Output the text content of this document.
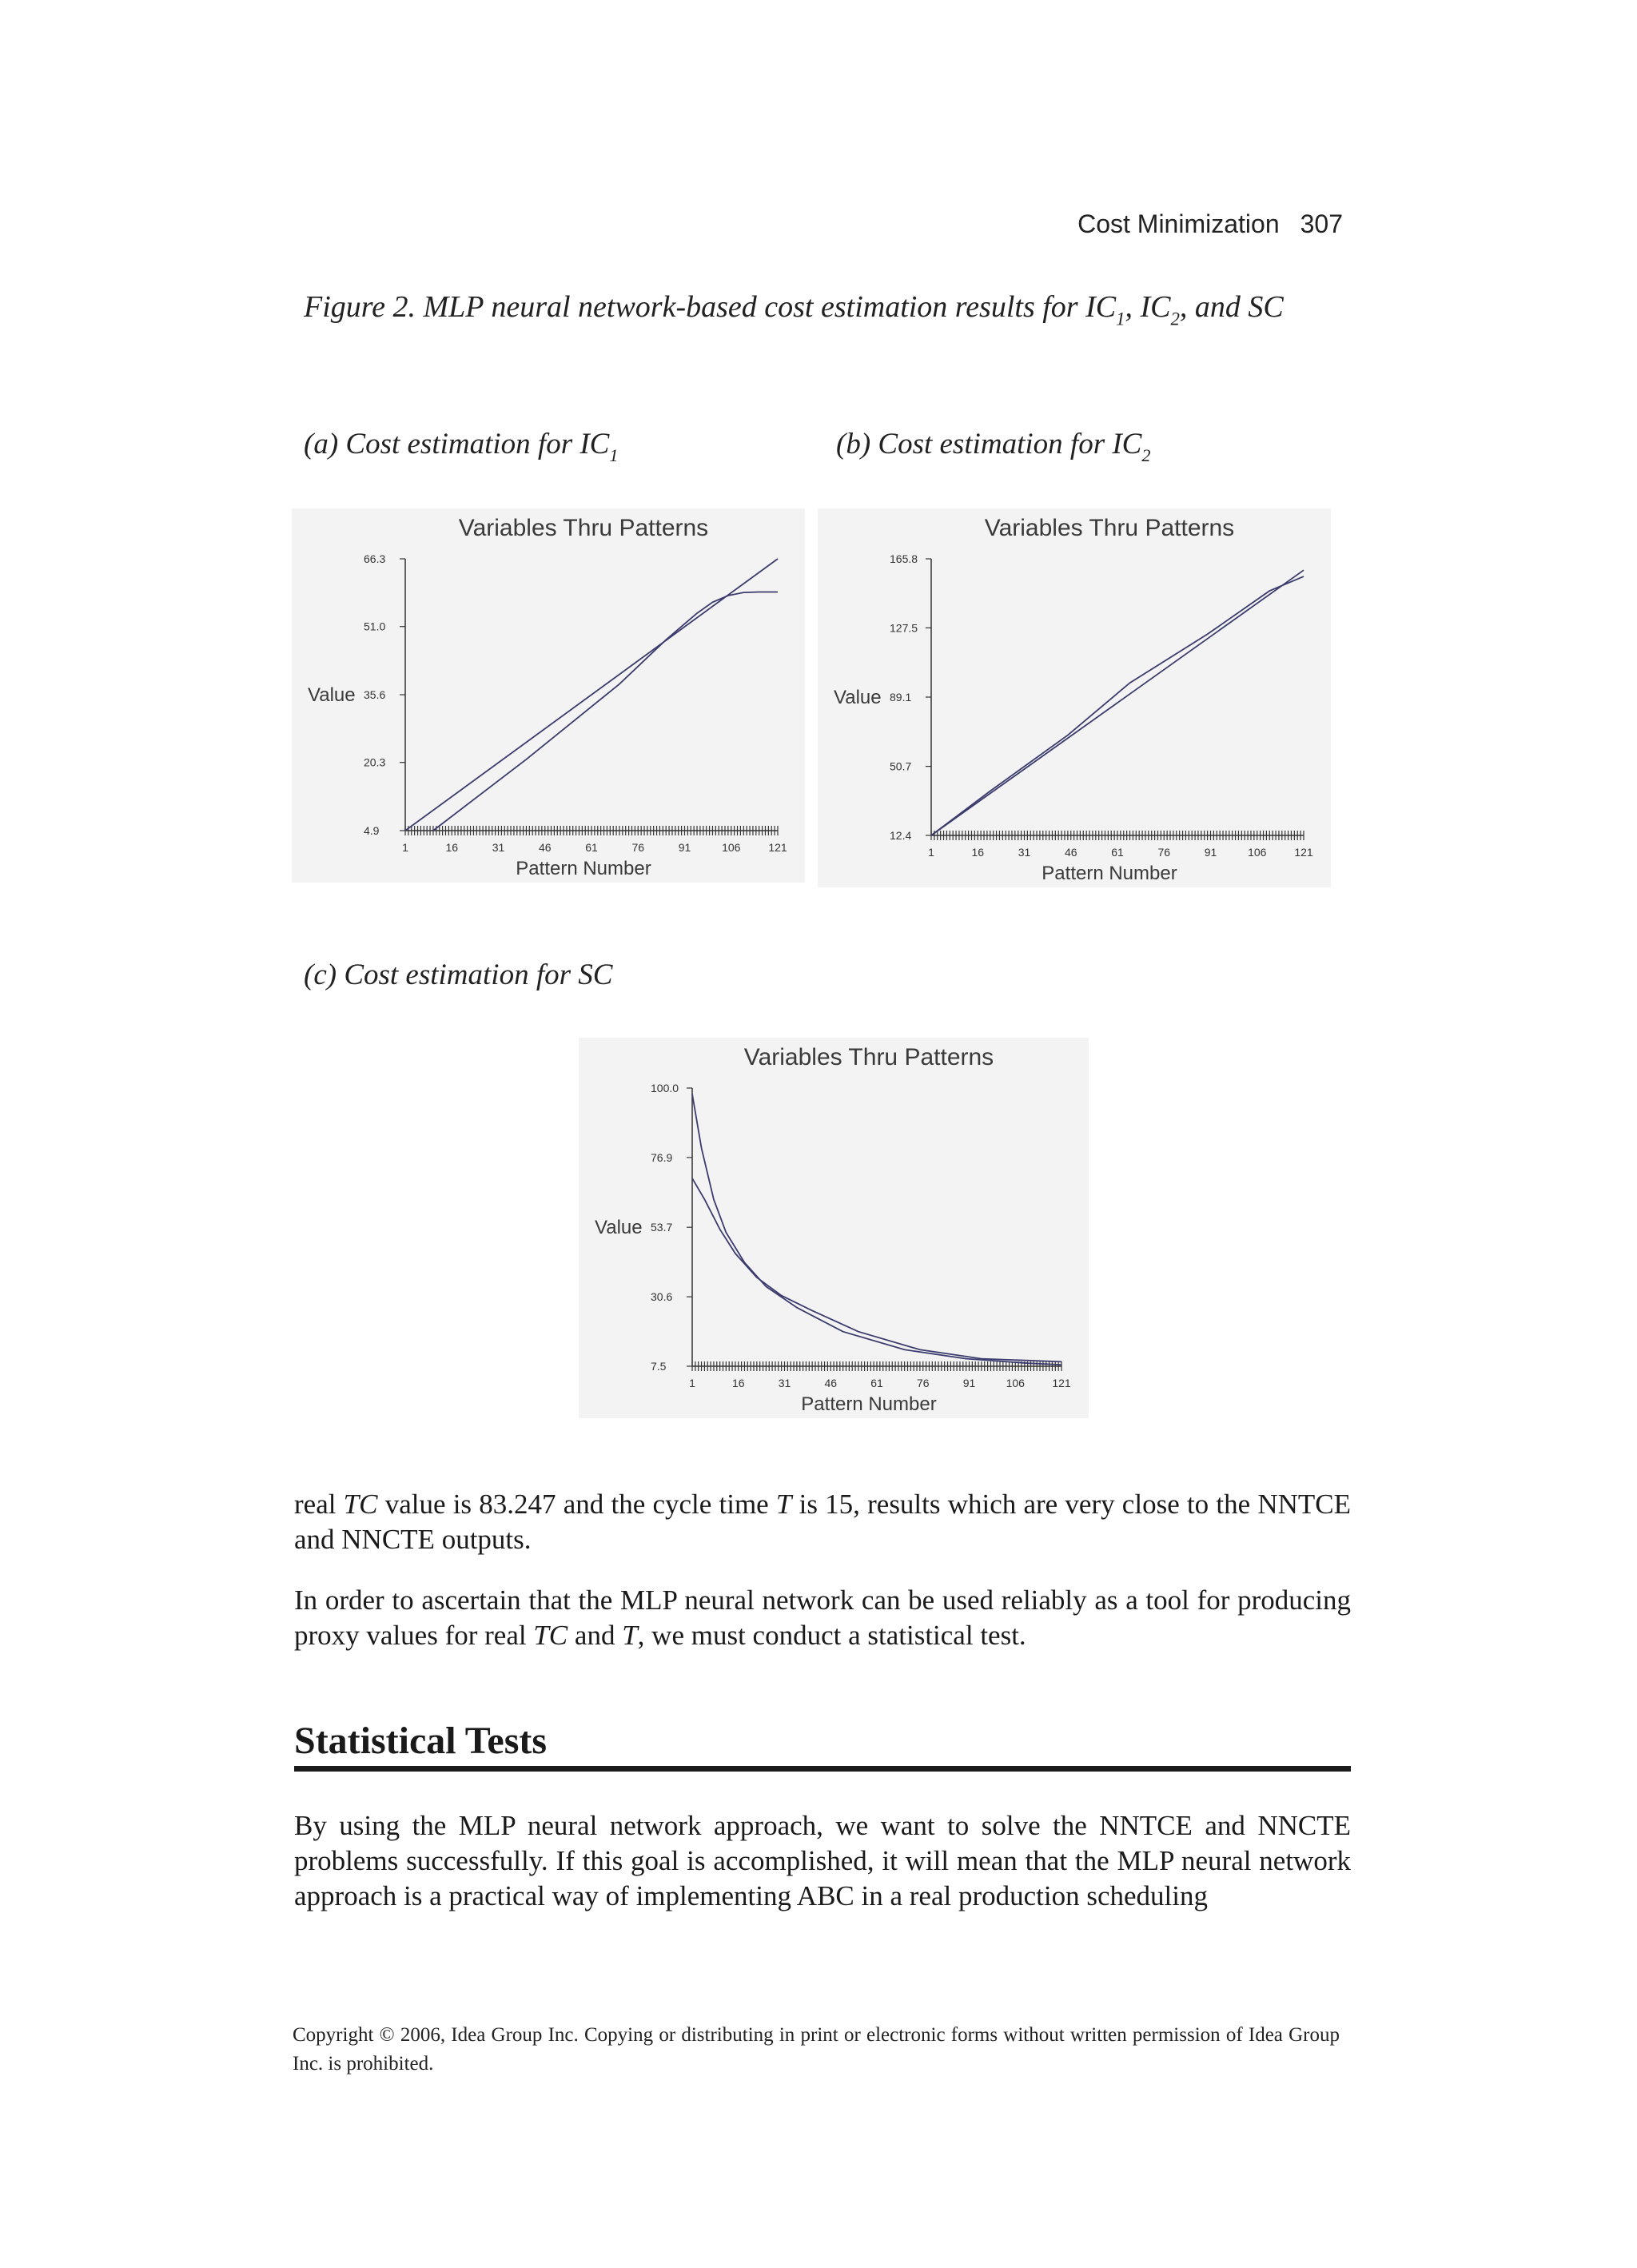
Cost Minimization 307
Figure 2. MLP neural network-based cost estimation results for $IC_1$, $IC_2$, and SC
(a) Cost estimation for $IC_1$	(b) Cost estimation for $IC_2$
(c) Cost estimation for SC
Variables Thru Patterns
Value
Pattern Number
4.9
20.3
35.6
51.0
66.3
1	16	31	46	61	76	91	106 121
Variables Thru Patterns
Value
Pattern Number
12.4
50.7
89.1
127.5
165.8
1	16	31	46	61	76	91	106 121
Variables Thru Patterns
Value
Pattern Number
7.5
30.6
53.7
76.9
100.0
1	16	31	46	61	76	91	106 121

real TC value is 83.247 and the cycle time T is 15, results which are very close to the NNTCE and NNCTE outputs.

In order to ascertain that the MLP neural network can be used reliably as a tool for producing proxy values for real TC and T, we must conduct a statistical test.

Statistical Tests

By using the MLP neural network approach, we want to solve the NNTCE and NNCTE problems successfully. If this goal is accomplished, it will mean that the MLP neural network approach is a practical way of implementing ABC in a real production scheduling

Copyright © 2006, Idea Group Inc. Copying or distributing in print or electronic forms without written permission of Idea Group Inc. is prohibited.
